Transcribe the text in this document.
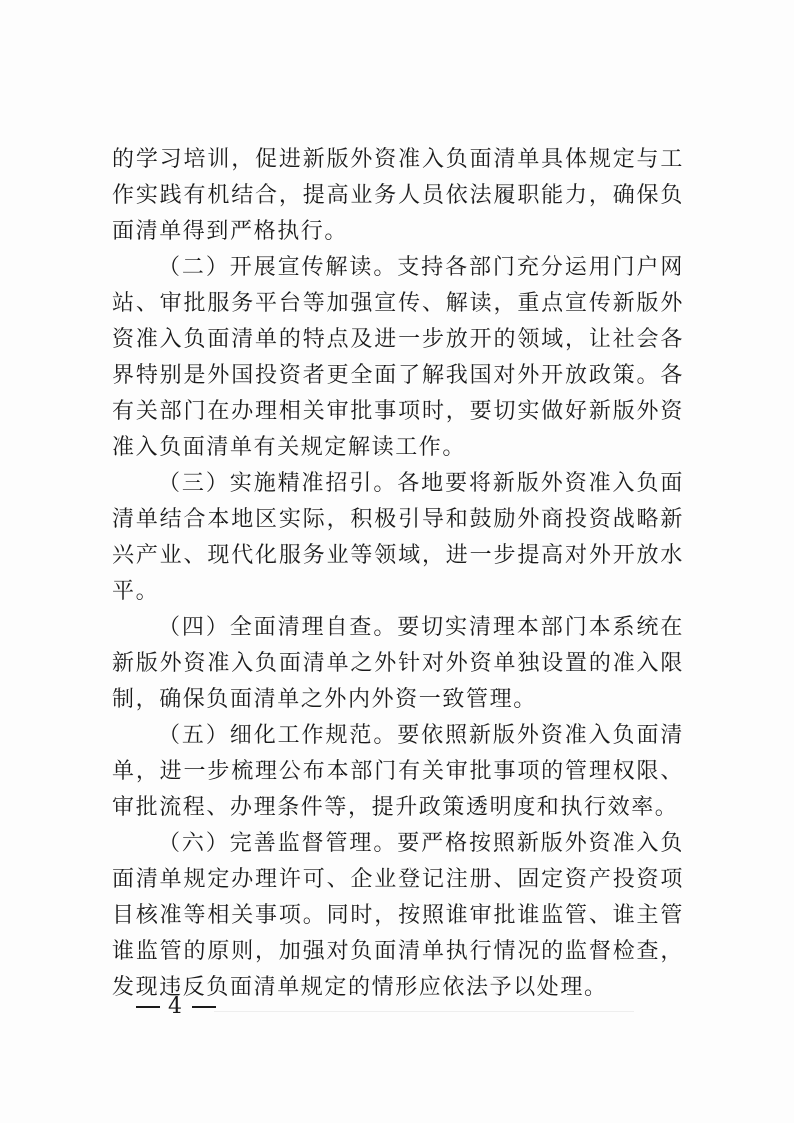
的学习培训，促进新版外资准入负面清单具体规定与工作实践有机结合，提高业务人员依法履职能力，确保负面清单得到严格执行。

（二）开展宣传解读。支持各部门充分运用门户网站、审批服务平台等加强宣传、解读，重点宣传新版外资准入负面清单的特点及进一步放开的领域，让社会各界特别是外国投资者更全面了解我国对外开放政策。各有关部门在办理相关审批事项时，要切实做好新版外资准入负面清单有关规定解读工作。

（三）实施精准招引。各地要将新版外资准入负面清单结合本地区实际，积极引导和鼓励外商投资战略新兴产业、现代化服务业等领域，进一步提高对外开放水平。

（四）全面清理自查。要切实清理本部门本系统在新版外资准入负面清单之外针对外资单独设置的准入限制，确保负面清单之外内外资一致管理。

（五）细化工作规范。要依照新版外资准入负面清单，进一步梳理公布本部门有关审批事项的管理权限、审批流程、办理条件等，提升政策透明度和执行效率。

（六）完善监督管理。要严格按照新版外资准入负面清单规定办理许可、企业登记注册、固定资产投资项目核准等相关事项。同时，按照谁审批谁监管、谁主管谁监管的原则，加强对负面清单执行情况的监督检查，发现违反负面清单规定的情形应依法予以处理。

4
